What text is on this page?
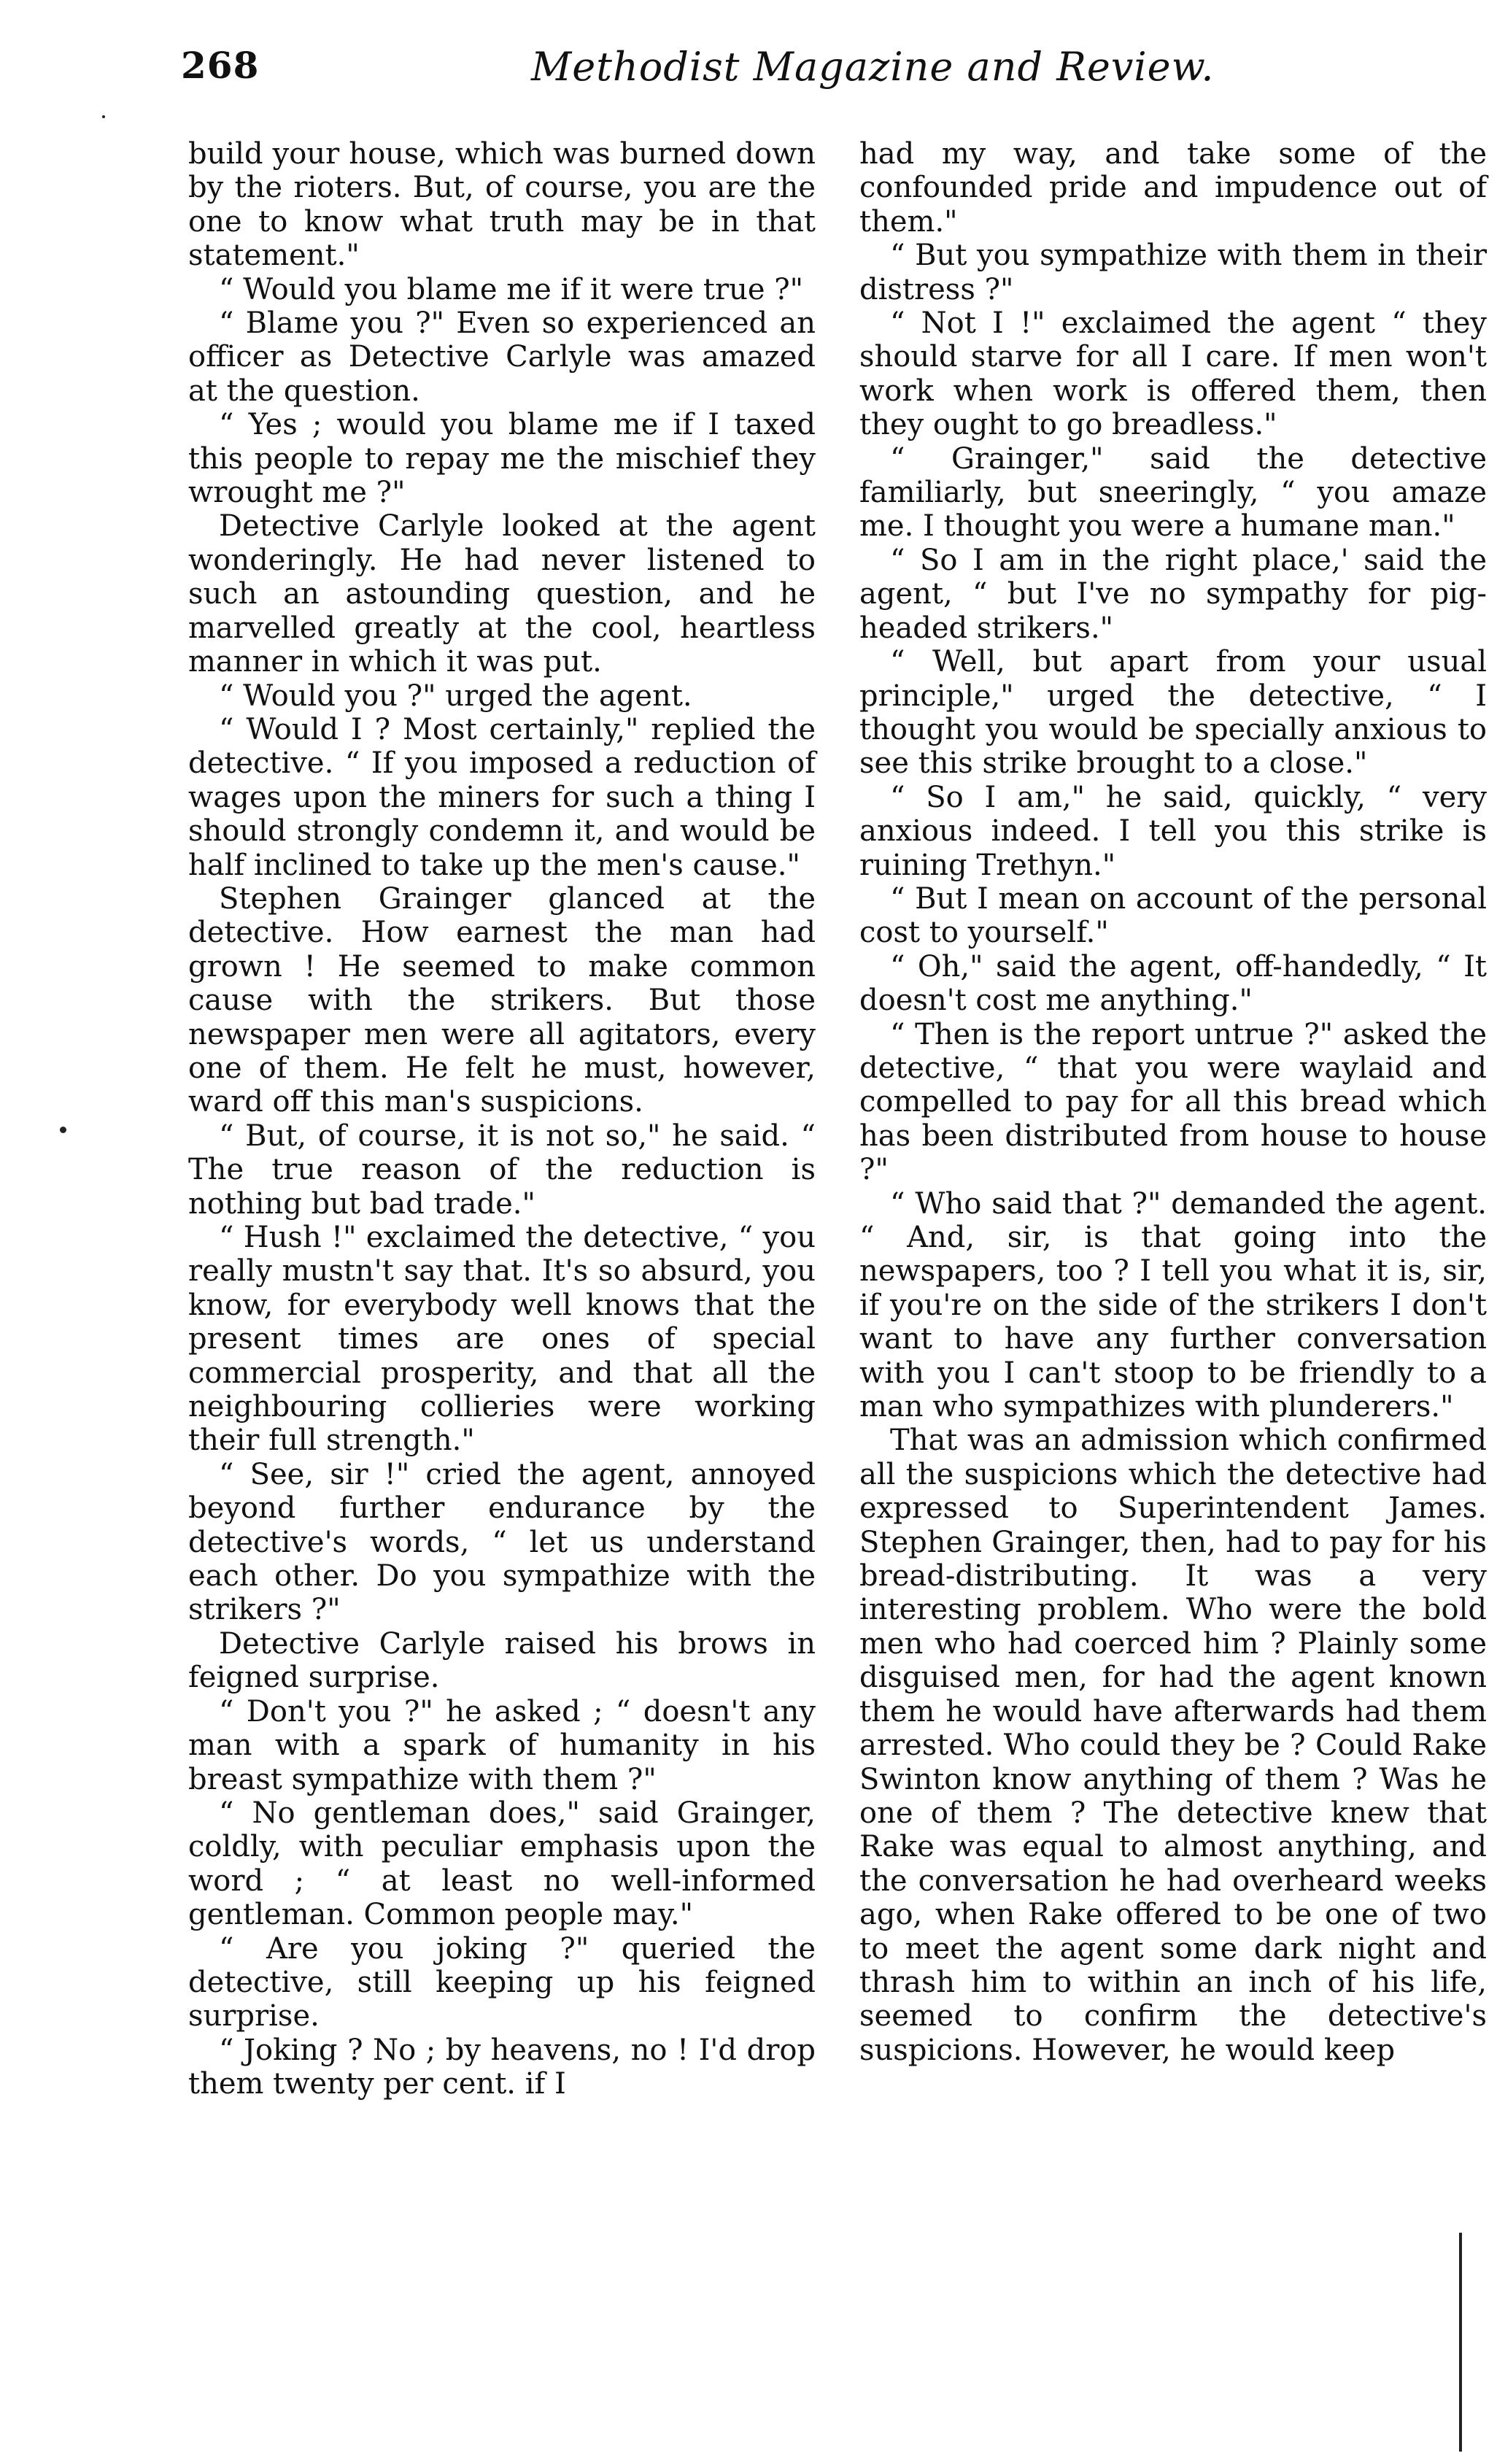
268	Methodist Magazine and Review.

build your house, which was burned down by the rioters. But, of course, you are the one to know what truth may be in that statement."

“ Would you blame me if it were true ?"

“ Blame you ?" Even so experienced an officer as Detective Carlyle was amazed at the question.

“ Yes ; would you blame me if I taxed this people to repay me the mischief they wrought me ?"

Detective Carlyle looked at the agent wonderingly. He had never listened to such an astounding question, and he marvelled greatly at the cool, heartless manner in which it was put.

“ Would you ?" urged the agent.

“ Would I ? Most certainly," replied the detective. “ If you imposed a reduction of wages upon the miners for such a thing I should strongly condemn it, and would be half inclined to take up the men's cause."

Stephen Grainger glanced at the detective. How earnest the man had grown ! He seemed to make common cause with the strikers. But those newspaper men were all agitators, every one of them. He felt he must, however, ward off this man's suspicions.

“ But, of course, it is not so," he said. “ The true reason of the reduction is nothing but bad trade."

“ Hush !" exclaimed the detective, “ you really mustn't say that. It's so absurd, you know, for everybody well knows that the present times are ones of special commercial prosperity, and that all the neighbouring collieries were working their full strength."

“ See, sir !" cried the agent, annoyed beyond further endurance by the detective's words, “ let us understand each other. Do you sympathize with the strikers ?"

Detective Carlyle raised his brows in feigned surprise.

“ Don't you ?" he asked ; “ doesn't any man with a spark of humanity in his breast sympathize with them ?"

“ No gentleman does," said Grainger, coldly, with peculiar emphasis upon the word ; “ at least no well-informed gentleman. Common people may."

“ Are you joking ?" queried the detective, still keeping up his feigned surprise.

“ Joking ? No ; by heavens, no ! I'd drop them twenty per cent. if I

had my way, and take some of the confounded pride and impudence out of them."

“ But you sympathize with them in their distress ?"

“ Not I !" exclaimed the agent “ they should starve for all I care. If men won't work when work is offered them, then they ought to go breadless."

“ Grainger," said the detective familiarly, but sneeringly, “ you amaze me. I thought you were a humane man."

“ So I am in the right place,' said the agent, “ but I've no sympathy for pig-headed strikers."

“ Well, but apart from your usual principle," urged the detective, “ I thought you would be specially anxious to see this strike brought to a close."

“ So I am," he said, quickly, “ very anxious indeed. I tell you this strike is ruining Trethyn."

“ But I mean on account of the personal cost to yourself."

“ Oh," said the agent, off-handedly, “ It doesn't cost me anything."

“ Then is the report untrue ?" asked the detective, “ that you were waylaid and compelled to pay for all this bread which has been distributed from house to house ?"

“ Who said that ?" demanded the agent. “ And, sir, is that going into the newspapers, too ? I tell you what it is, sir, if you're on the side of the strikers I don't want to have any further conversation with you I can't stoop to be friendly to a man who sympathizes with plunderers."

That was an admission which confirmed all the suspicions which the detective had expressed to Superintendent James. Stephen Grainger, then, had to pay for his bread-distributing. It was a very interesting problem. Who were the bold men who had coerced him ? Plainly some disguised men, for had the agent known them he would have afterwards had them arrested. Who could they be ? Could Rake Swinton know anything of them ? Was he one of them ? The detective knew that Rake was equal to almost anything, and the conversation he had overheard weeks ago, when Rake offered to be one of two to meet the agent some dark night and thrash him to within an inch of his life, seemed to confirm the detective's suspicions. However, he would keep
